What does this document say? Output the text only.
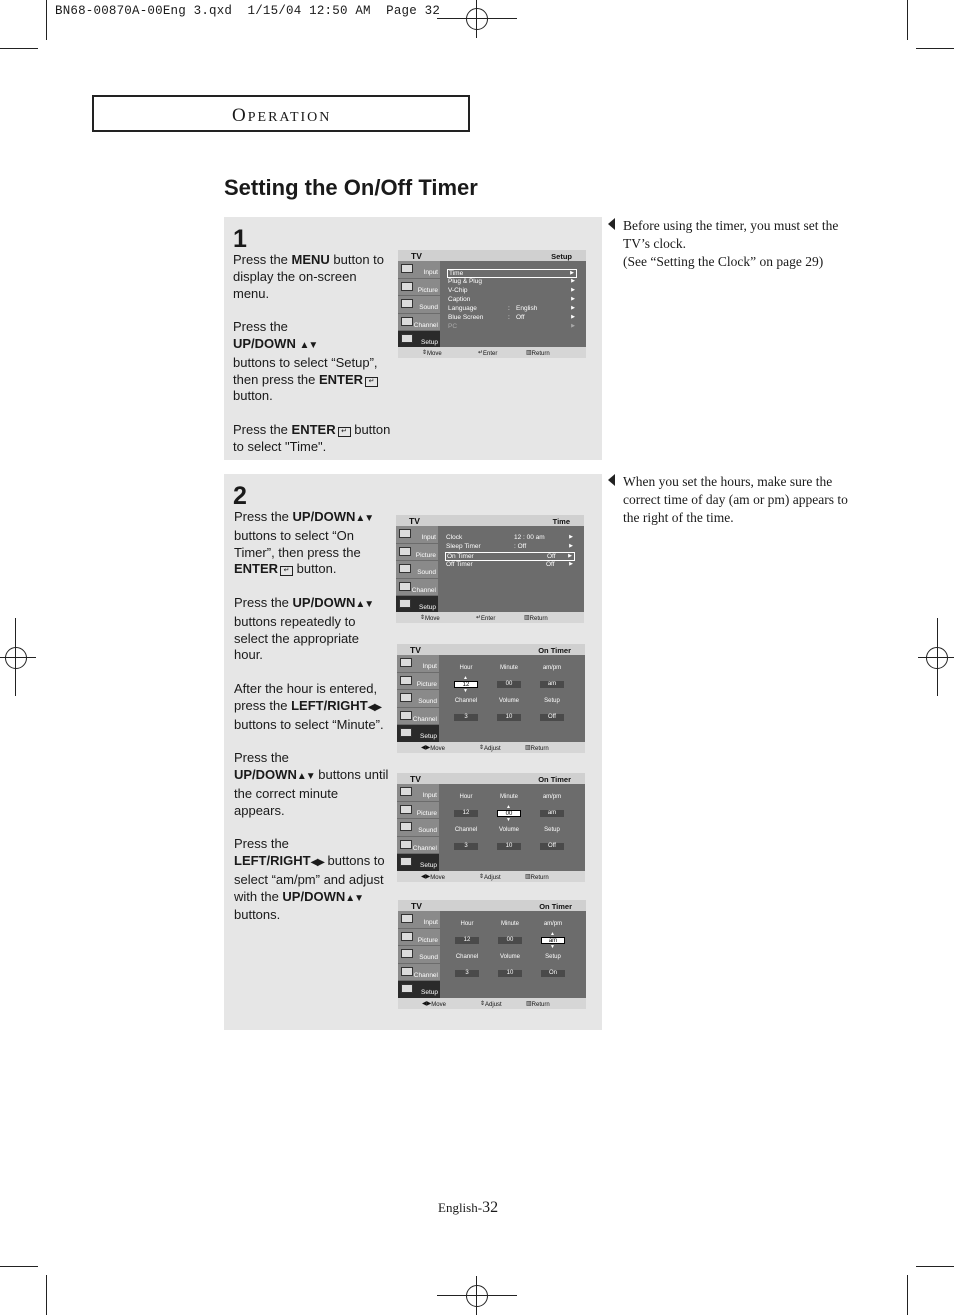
BN68-00870A-00Eng 3.qxd  1/15/04 12:50 AM  Page 32
OPERATION
Setting the On/Off Timer
1

Press the MENU button to display the on-screen menu.

Press the
UP/DOWN ▲▼
buttons to select “Setup”, then press the ENTER ↵ button.

Press the ENTER ↵ button to select "Time".

TV	Setup
Input
Picture
Sound
Channel
Setup
Time	▶
Plug & Plug	▶
V-Chip	▶
Caption	▶
Language	: English	▶
Blue Screen	: Off	▶
PC	▶
⇕ Move	↵ Enter	▥ Return
Before using the timer, you must set the TV’s clock.
(See “Setting the Clock” on page 29)
2

Press the UP/DOWN▲▼ buttons to select “On Timer”, then press the ENTER ↵ button.

Press the UP/DOWN▲▼ buttons repeatedly to select the appropriate hour.

After the hour is entered, press the LEFT/RIGHT◀▶ buttons to select “Minute”.

Press the
UP/DOWN▲▼ buttons until the correct minute appears.

Press the
LEFT/RIGHT◀▶ buttons to select “am/pm” and adjust with the UP/DOWN▲▼ buttons.

TV	Time
Input
Picture
Sound
Channel
Setup
Clock	12 : 00 am	▶
Sleep Timer	: Off	▶
On Timer	Off	▶
Off Timer	Off	▶
⇕ Move	↵ Enter	▥ Return
TV	On Timer
Input
Picture
Sound
Channel
Setup
Hour	Minute	am/pm
12	00	am
Channel	Volume	Setup
3	10	Off
◀▶ Move	⇕ Adjust	▥ Return
▲
▼
TV	On Timer
Input
Picture
Sound
Channel
Setup
Hour	Minute	am/pm
12	00	am
Channel	Volume	Setup
3	10	Off
◀▶ Move	⇕ Adjust	▥ Return
▲
▼
TV	On Timer
Input
Picture
Sound
Channel
Setup
Hour	Minute	am/pm
12	00	am
Channel	Volume	Setup
3	10	On
◀▶ Move	⇕ Adjust	▥ Return
▲
▼
When you set the hours, make sure the correct time of day (am or pm) appears to the right of the time.
English-32
